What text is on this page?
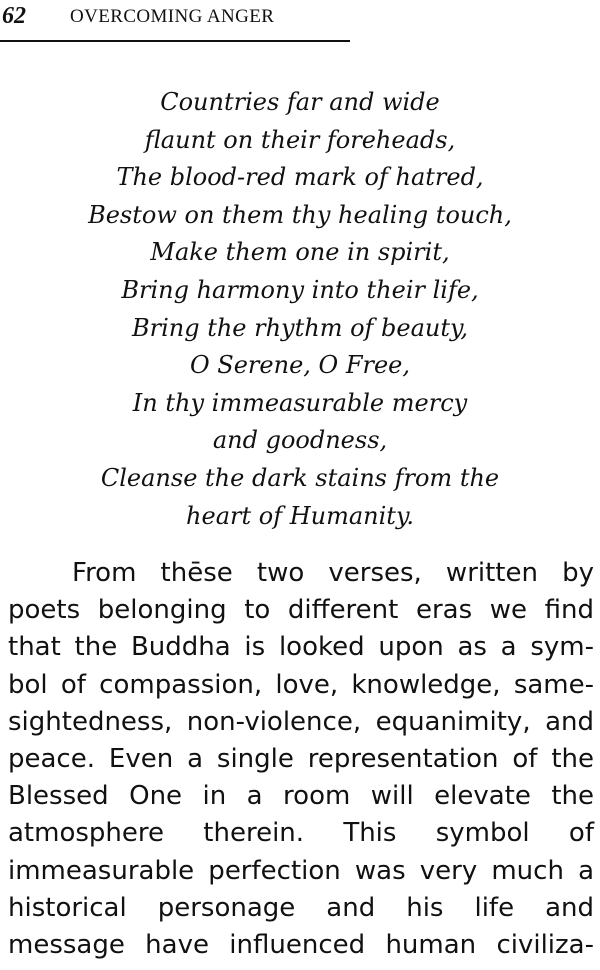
62 OVERCOMING ANGER
Countries far and wide
flaunt on their foreheads,
The blood-red mark of hatred,
Bestow on them thy healing touch,
Make them one in spirit,
Bring harmony into their life,
Bring the rhythm of beauty,
O Serene, O Free,
In thy immeasurable mercy
and goodness,
Cleanse the dark stains from the
heart of Humanity.
From thēse two verses, written by
poets belonging to different eras we find
that the Buddha is looked upon as a sym-
bol of compassion, love, knowledge, same-
sightedness, non-violence, equanimity, and
peace. Even a single representation of the
Blessed One in a room will elevate the
atmosphere therein. This symbol of
immeasurable perfection was very much a
historical personage and his life and
message have influenced human civiliza-
